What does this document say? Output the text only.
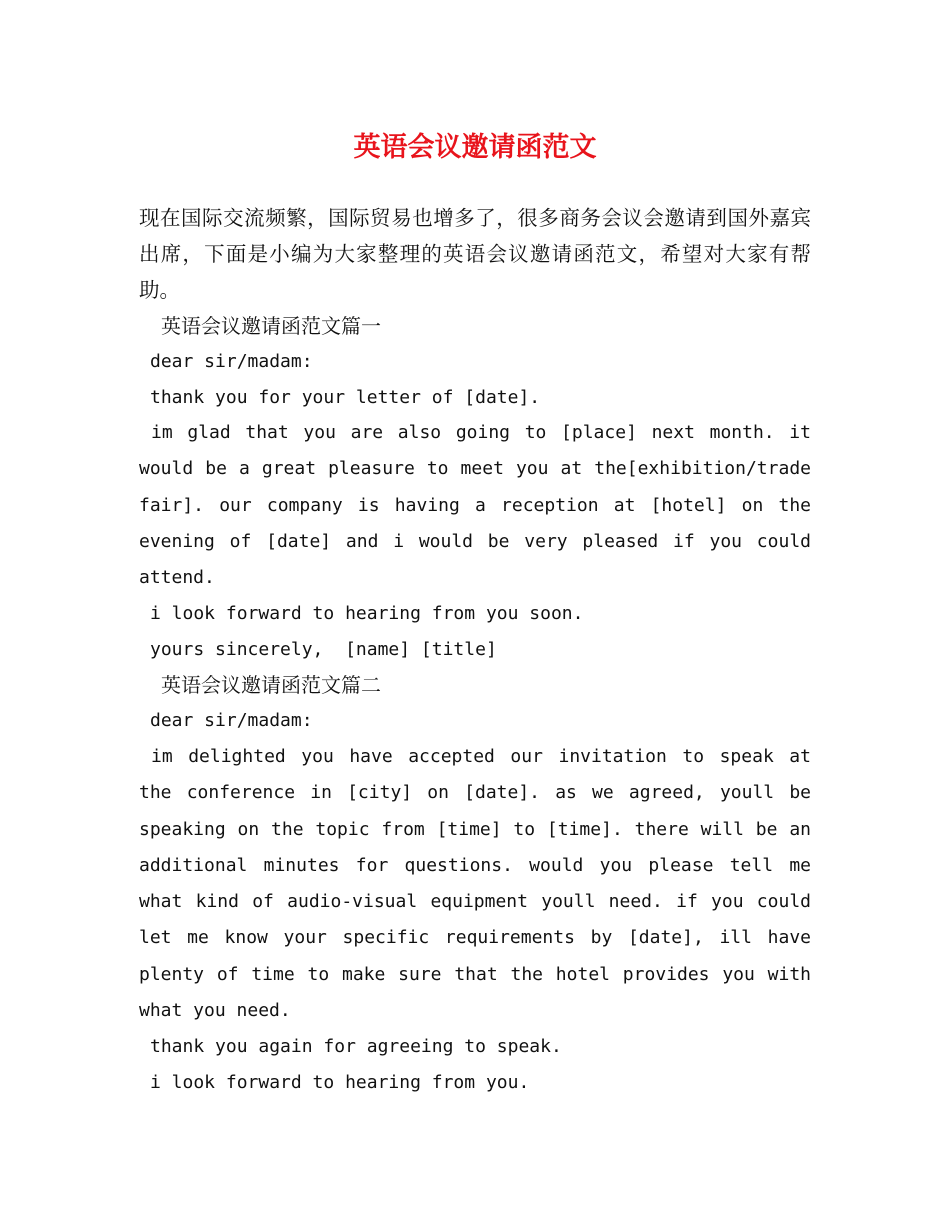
英语会议邀请函范文

现在国际交流频繁，国际贸易也增多了，很多商务会议会邀请到国外嘉宾出席，下面是小编为大家整理的英语会议邀请函范文，希望对大家有帮助。

英语会议邀请函范文篇一

dear sir/madam:

thank you for your letter of [date].

im glad that you are also going to [place] next month. it would be a great pleasure to meet you at the[exhibition/trade fair]. our company is having a reception at [hotel] on the evening of [date] and i would be very pleased if you could attend.

i look forward to hearing from you soon.

yours sincerely,  [name] [title]

英语会议邀请函范文篇二

dear sir/madam:

im delighted you have accepted our invitation to speak at the conference in [city] on [date]. as we agreed, youll be speaking on the topic from [time] to [time]. there will be an additional minutes for questions. would you please tell me what kind of audio-visual equipment youll need. if you could let me know your specific requirements by [date], ill have plenty of time to make sure that the hotel provides you with what you need.

thank you again for agreeing to speak.

i look forward to hearing from you.
